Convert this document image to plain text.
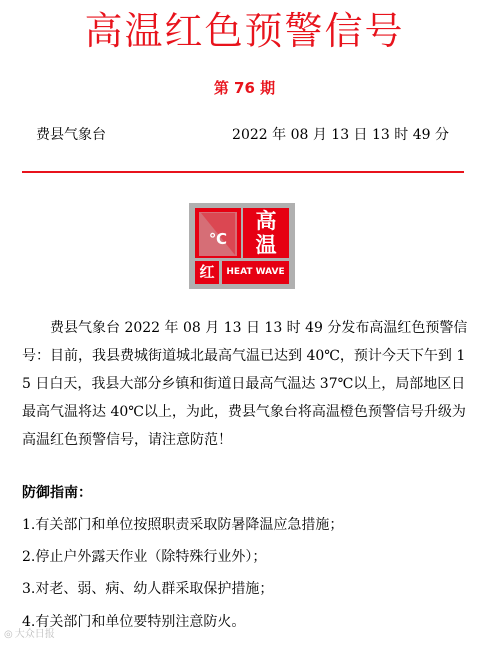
高温红色预警信号
第 76 期
费县气象台	2022 年 08 月 13 日 13 时 49 分
℃
高
温
红	HEAT WAVE

费县气象台 2022 年 08 月 13 日 13 时 49 分发布高温红色预警信号：目前，我县费城街道城北最高气温已达到 40℃，预计今天下午到 15 日白天，我县大部分乡镇和街道日最高气温达 37℃以上，局部地区日最高气温将达 40℃以上，为此，费县气象台将高温橙色预警信号升级为高温红色预警信号，请注意防范！

防御指南：
1.有关部门和单位按照职责采取防暑降温应急措施；
2.停止户外露天作业（除特殊行业外）；
3.对老、弱、病、幼人群采取保护措施；
4.有关部门和单位要特别注意防火。
◎ 大众日报
